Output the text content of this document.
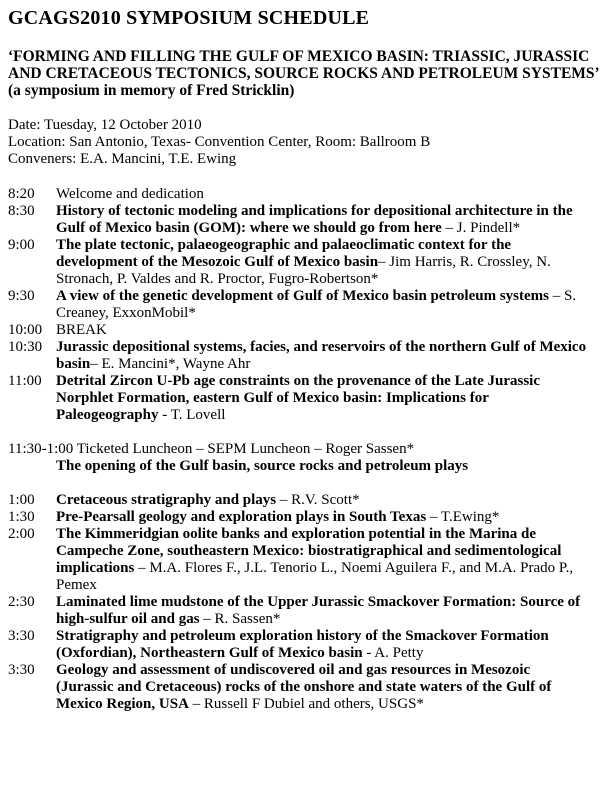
GCAGS2010 SYMPOSIUM SCHEDULE
‘FORMING AND FILLING THE GULF OF MEXICO BASIN: TRIASSIC, JURASSIC AND CRETACEOUS TECTONICS, SOURCE ROCKS AND PETROLEUM SYSTEMS’
(a symposium in memory of Fred Stricklin)
Date: Tuesday, 12 October 2010
Location: San Antonio, Texas- Convention Center, Room: Ballroom B
Conveners: E.A. Mancini, T.E. Ewing
8:20	Welcome and dedication
8:30	History of tectonic modeling and implications for depositional architecture in the Gulf of Mexico basin (GOM): where we should go from here – J. Pindell*
9:00	The plate tectonic, palaeogeographic and palaeoclimatic context for the development of the Mesozoic Gulf of Mexico basin– Jim Harris, R. Crossley, N. Stronach, P. Valdes and R. Proctor, Fugro-Robertson*
9:30	A view of the genetic development of Gulf of Mexico basin petroleum systems – S. Creaney, ExxonMobil*
10:00 BREAK
10:30 Jurassic depositional systems, facies, and reservoirs of the northern Gulf of Mexico basin– E. Mancini*, Wayne Ahr
11:00 Detrital Zircon U-Pb age constraints on the provenance of the Late Jurassic Norphlet Formation, eastern Gulf of Mexico basin: Implications for Paleogeography - T. Lovell
11:30-1:00 Ticketed Luncheon – SEPM Luncheon – Roger Sassen*
The opening of the Gulf basin, source rocks and petroleum plays
1:00	Cretaceous stratigraphy and plays – R.V. Scott*
1:30	Pre-Pearsall geology and exploration plays in South Texas – T.Ewing*
2:00	The Kimmeridgian oolite banks and exploration potential in the Marina de Campeche Zone, southeastern Mexico: biostratigraphical and sedimentological implications – M.A. Flores F., J.L. Tenorio L., Noemi Aguilera F., and M.A. Prado P., Pemex
2:30	Laminated lime mudstone of the Upper Jurassic Smackover Formation: Source of high-sulfur oil and gas – R. Sassen*
3:30	Stratigraphy and petroleum exploration history of the Smackover Formation (Oxfordian), Northeastern Gulf of Mexico basin - A. Petty
3:30	Geology and assessment of undiscovered oil and gas resources in Mesozoic (Jurassic and Cretaceous) rocks of the onshore and state waters of the Gulf of Mexico Region, USA – Russell F Dubiel and others, USGS*
